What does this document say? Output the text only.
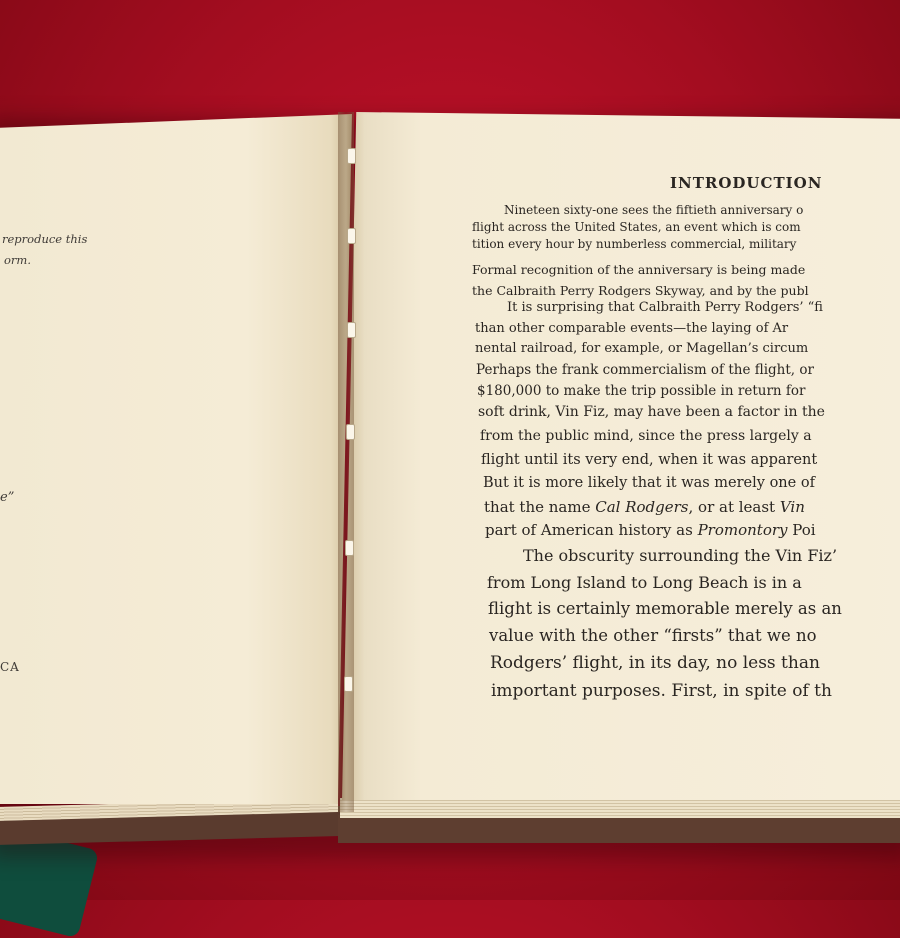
reproduce this
orm.
e”
CA
INTRODUCTION
Nineteen sixty-one sees the fiftieth anniversary o
flight across the United States, an event which is com
tition every hour by numberless commercial, military
Formal recognition of the anniversary is being made
the Calbraith Perry Rodgers Skyway, and by the publ
It is surprising that Calbraith Perry Rodgers’ “fi
than other comparable events—the laying of Ar
nental railroad, for example, or Magellan’s circum
Perhaps the frank commercialism of the flight, or
$180,000 to make the trip possible in return for
soft drink, Vin Fiz, may have been a factor in the
from the public mind, since the press largely a
flight until its very end, when it was apparent
But it is more likely that it was merely one of
that the name Cal Rodgers, or at least Vin
part of American history as Promontory Poi
The obscurity surrounding the Vin Fiz’
from Long Island to Long Beach is in a
flight is certainly memorable merely as an
value with the other “firsts” that we no
Rodgers’ flight, in its day, no less than
important purposes. First, in spite of th
